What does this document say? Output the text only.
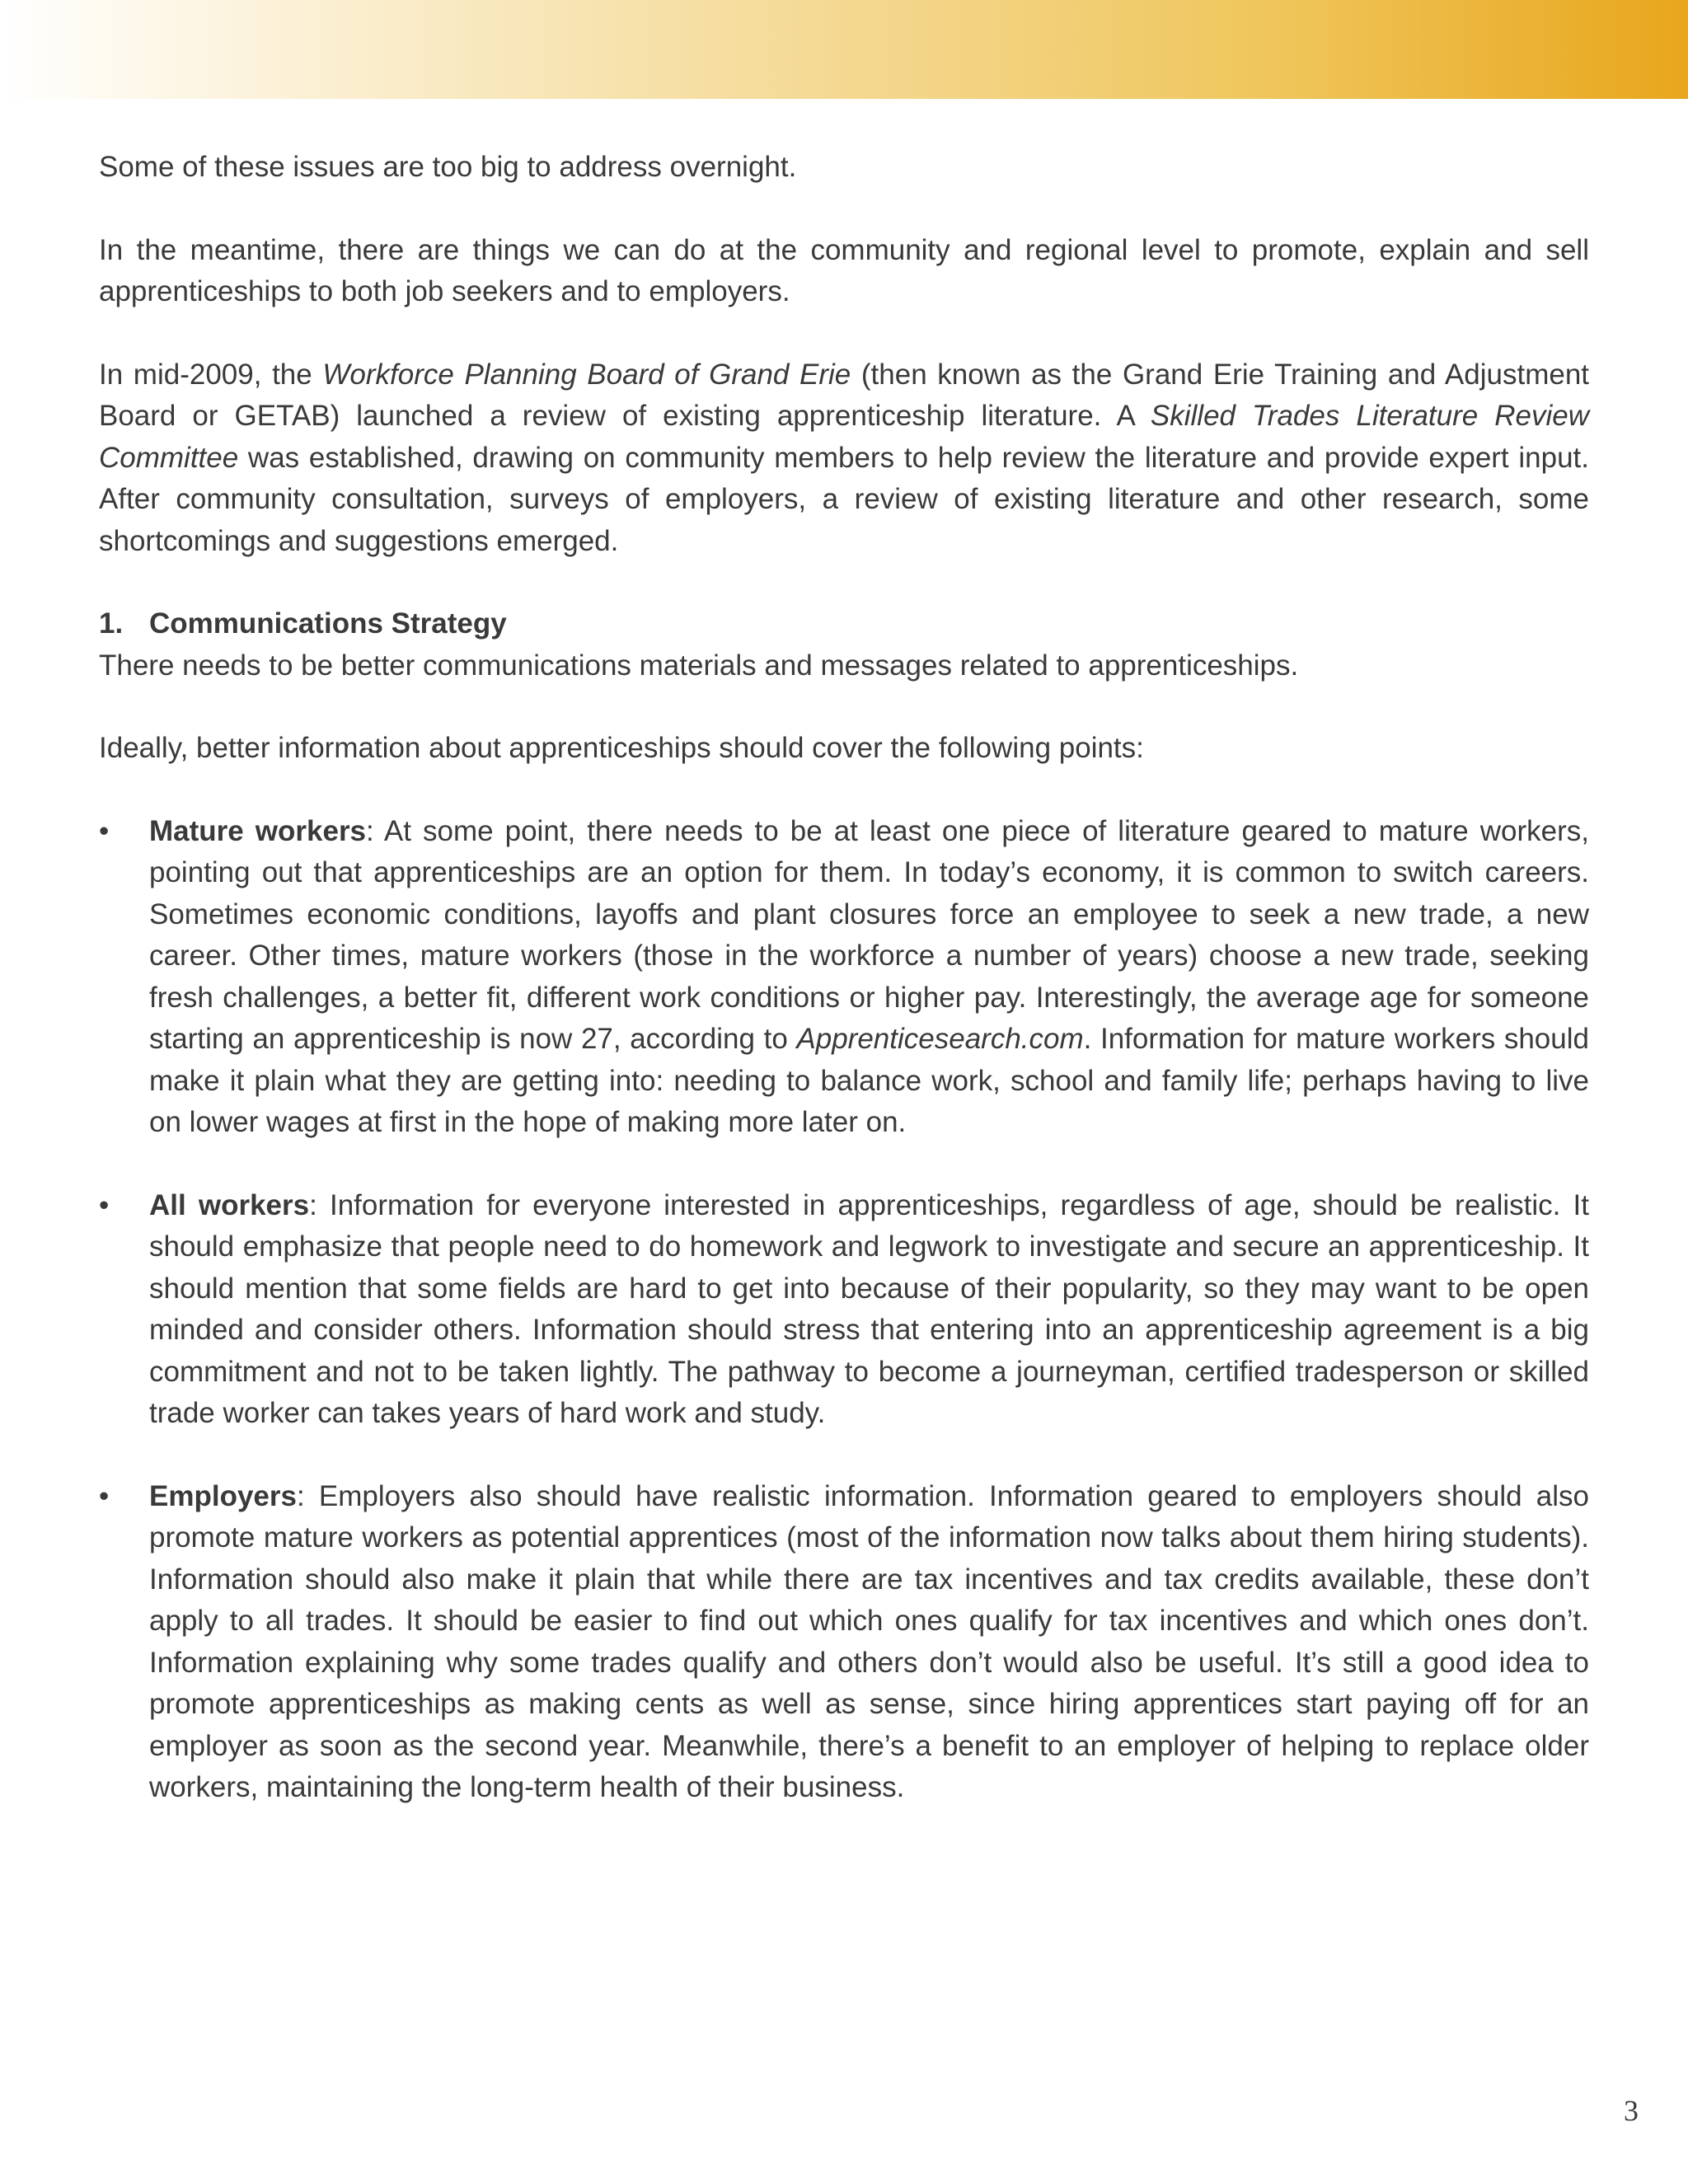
Some of these issues are too big to address overnight.

In the meantime, there are things we can do at the community and regional level to promote, explain and sell apprenticeships to both job seekers and to employers.

In mid-2009, the Workforce Planning Board of Grand Erie (then known as the Grand Erie Training and Adjustment Board or GETAB) launched a review of existing apprenticeship literature. A Skilled Trades Literature Review Committee was established, drawing on community members to help review the literature and provide expert input. After community consultation, surveys of employers, a review of existing literature and other research, some shortcomings and suggestions emerged.

1. Communications Strategy

There needs to be better communications materials and messages related to apprenticeships.

Ideally, better information about apprenticeships should cover the following points:

• Mature workers: At some point, there needs to be at least one piece of literature geared to mature workers, pointing out that apprenticeships are an option for them. In today’s economy, it is common to switch careers. Sometimes economic conditions, layoffs and plant closures force an employee to seek a new trade, a new career. Other times, mature workers (those in the workforce a number of years) choose a new trade, seeking fresh challenges, a better fit, different work conditions or higher pay. Interestingly, the average age for someone starting an apprenticeship is now 27, according to Apprenticesearch.com. Information for mature workers should make it plain what they are getting into: needing to balance work, school and family life; perhaps having to live on lower wages at first in the hope of making more later on.
• All workers: Information for everyone interested in apprenticeships, regardless of age, should be realistic. It should emphasize that people need to do homework and legwork to investigate and secure an apprenticeship. It should mention that some fields are hard to get into because of their popularity, so they may want to be open minded and consider others. Information should stress that entering into an apprenticeship agreement is a big commitment and not to be taken lightly. The pathway to become a journeyman, certified tradesperson or skilled trade worker can takes years of hard work and study.
• Employers: Employers also should have realistic information. Information geared to employers should also promote mature workers as potential apprentices (most of the information now talks about them hiring students). Information should also make it plain that while there are tax incentives and tax credits available, these don’t apply to all trades. It should be easier to find out which ones qualify for tax incentives and which ones don’t. Information explaining why some trades qualify and others don’t would also be useful. It’s still a good idea to promote apprenticeships as making cents as well as sense, since hiring apprentices start paying off for an employer as soon as the second year. Meanwhile, there’s a benefit to an employer of helping to replace older workers, maintaining the long-term health of their business.
3
